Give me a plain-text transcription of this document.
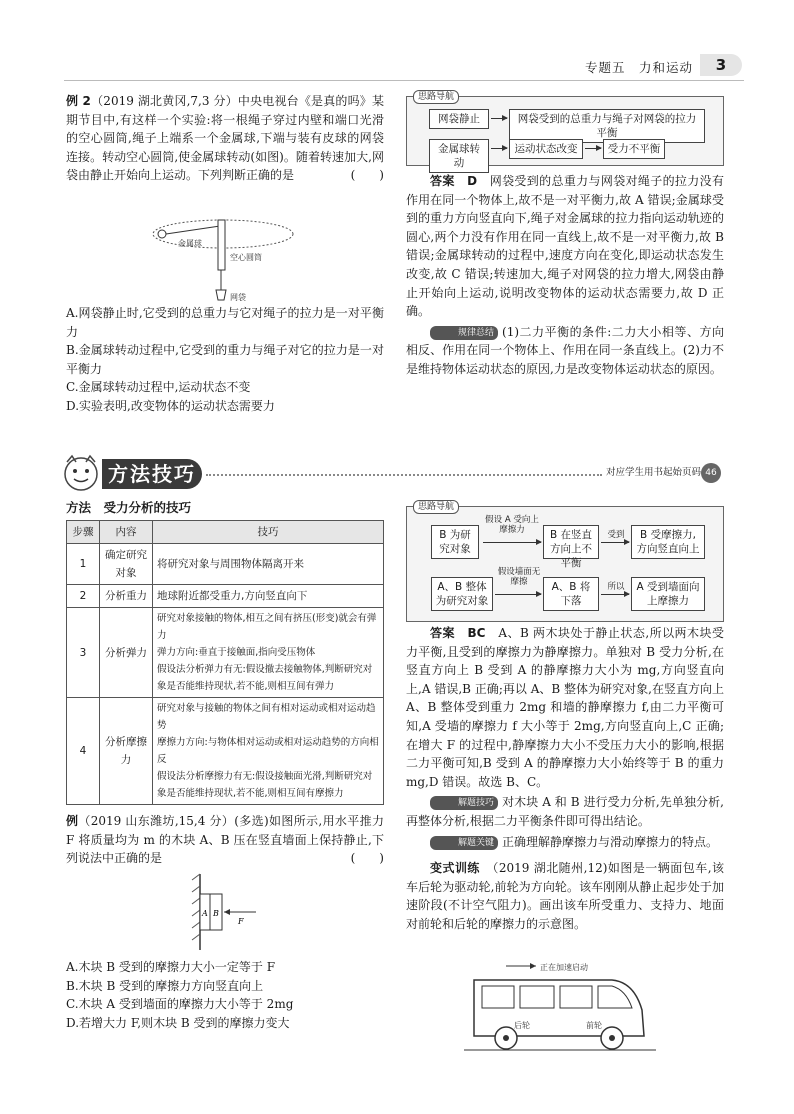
专题五　力和运动	3

例 2（2019 湖北黄冈,7,3 分）中央电视台《是真的吗》某期节目中,有这样一个实验:将一根绳子穿过内壁和端口光滑的空心圆筒,绳子上端系一个金属球,下端与装有皮球的网袋连接。转动空心圆筒,使金属球转动(如图)。随着转速加大,网袋由静止开始向上运动。下列判断正确的是	(　　)

金属球
空心圆筒
网袋

A.网袋静止时,它受到的总重力与它对绳子的拉力是一对平衡力

B.金属球转动过程中,它受到的重力与绳子对它的拉力是一对平衡力

C.金属球转动过程中,运动状态不变

D.实验表明,改变物体的运动状态需要力

思路导航
网袋静止	网袋受到的总重力与绳子对网袋的拉力平衡
金属球转动
运动状态改变	受力不平衡

答案　 D　 网袋受到的总重力与网袋对绳子的拉力没有作用在同一个物体上,故不是一对平衡力,故 A 错误;金属球受到的重力方向竖直向下,绳子对金属球的拉力指向运动轨迹的圆心,两个力没有作用在同一直线上,故不是一对平衡力,故 B 错误;金属球转动的过程中,速度方向在变化,即运动状态发生改变,故 C 错误;转速加大,绳子对网袋的拉力增大,网袋由静止开始向上运动,说明改变物体的运动状态需要力,故 D 正确。

规律总结 (1)二力平衡的条件:二力大小相等、方向相反、作用在同一个物体上、作用在同一条直线上。(2)力不是维持物体运动状态的原因,力是改变物体运动状态的原因。

方法技巧	对应学生用书起始页码 46
方法　受力分析的技巧
步骤	内容	技巧
1	确定研究对象	将研究对象与周围物体隔离开来
2	分析重力	地球附近都受重力,方向竖直向下
3	分析弹力	研究对象接触的物体,相互之间有挤压(形变)就会有弹力
弹力方向:垂直于接触面,指向受压物体
假设法分析弹力有无:假设撤去接触物体,判断研究对象是否能维持现状,若不能,则相互间有弹力
4	分析摩擦力	研究对象与接触的物体之间有相对运动或相对运动趋势
摩擦力方向:与物体相对运动或相对运动趋势的方向相反
假设法分析摩擦力有无:假设接触面光滑,判断研究对象是否能维持现状,若不能,则相互间有摩擦力

例（2019 山东潍坊,15,4 分）(多选)如图所示,用水平推力 F 将质量均为 m 的木块 A、B 压在竖直墙面上保持静止,下列说法中正确的是	(　　)

A B
F

A.木块 B 受到的摩擦力大小一定等于 F

B.木块 B 受到的摩擦力方向竖直向上

C.木块 A 受到墙面的摩擦力大小等于 2mg

D.若增大力 F,则木块 B 受到的摩擦力变大

思路导航
B 为研究对象
假设 A 受向上摩擦力	B 在竖直方向上不平衡
受到	B 受摩擦力,方向竖直向上
A、B 整体为研究对象
假设墙面无摩擦	A、B 将下落
所以	A 受到墙面向上摩擦力

答案　 BC　 A、B 两木块处于静止状态,所以两木块受力平衡,且受到的摩擦力为静摩擦力。单独对 B 受力分析,在竖直方向上 B 受到 A 的静摩擦力大小为 mg,方向竖直向上,A 错误,B 正确;再以 A、B 整体为研究对象,在竖直方向上 A、B 整体受到重力 2mg 和墙的静摩擦力 f,由二力平衡可知,A 受墙的摩擦力 f 大小等于 2mg,方向竖直向上,C 正确;在增大 F 的过程中,静摩擦力大小不受压力大小的影响,根据二力平衡可知,B 受到 A 的静摩擦力大小始终等于 B 的重力 mg,D 错误。故选 B、C。

解题技巧 对木块 A 和 B 进行受力分析,先单独分析,再整体分析,根据二力平衡条件即可得出结论。

解题关键 正确理解静摩擦力与滑动摩擦力的特点。

变式训练　 （2019 湖北随州,12)如图是一辆面包车,该车后轮为驱动轮,前轮为方向轮。该车刚刚从静止起步处于加速阶段(不计空气阻力)。画出该车所受重力、支持力、地面对前轮和后轮的摩擦力的示意图。

正在加速启动
后轮	前轮
